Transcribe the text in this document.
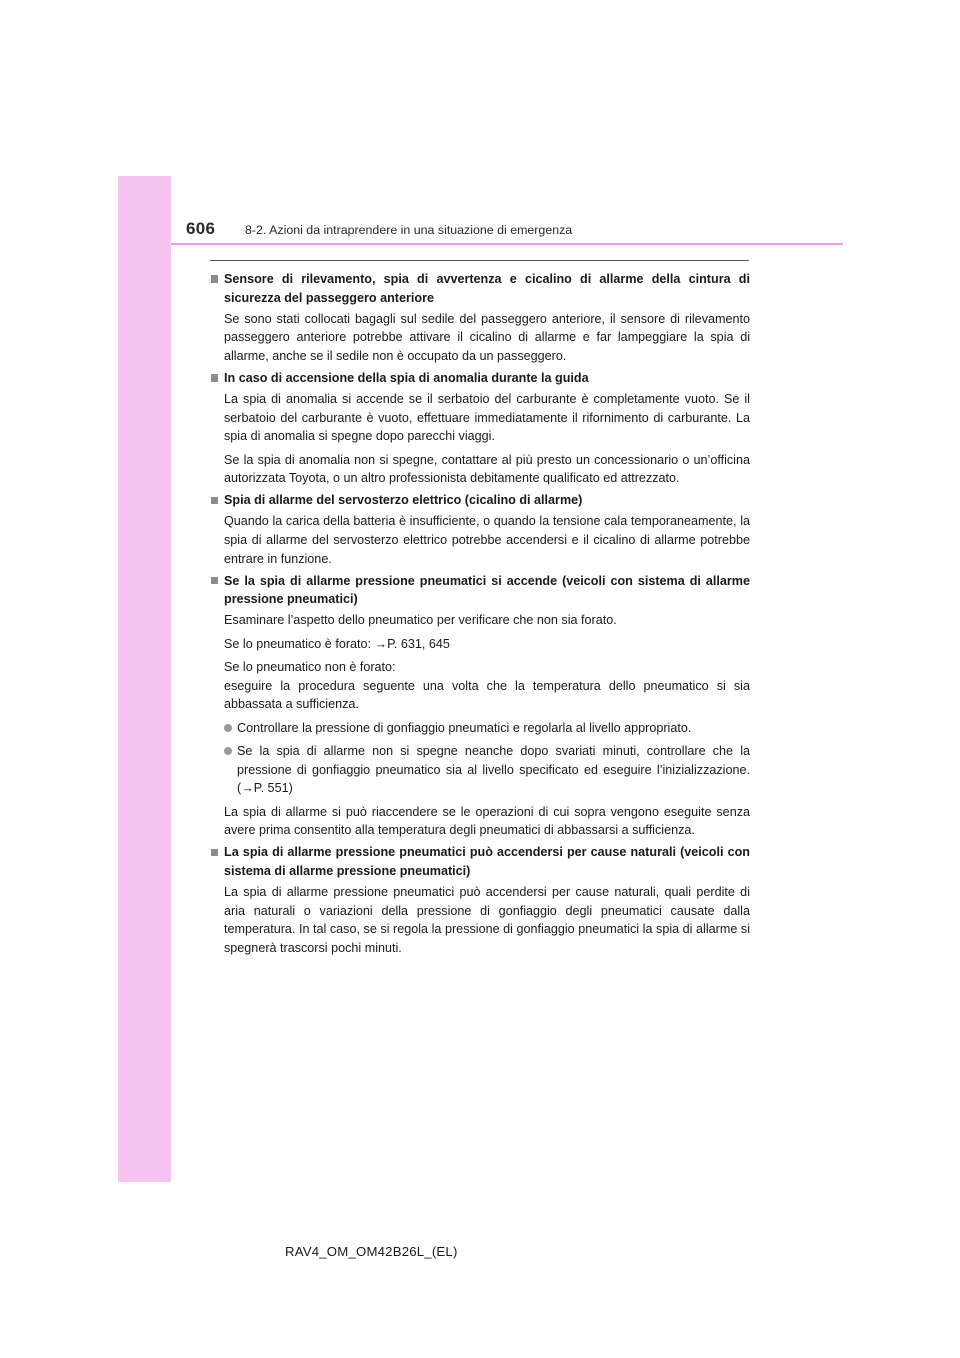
606 8-2. Azioni da intraprendere in una situazione di emergenza
Sensore di rilevamento, spia di avvertenza e cicalino di allarme della cintura di sicurezza del passeggero anteriore
Se sono stati collocati bagagli sul sedile del passeggero anteriore, il sensore di rilevamento passeggero anteriore potrebbe attivare il cicalino di allarme e far lampeggiare la spia di allarme, anche se il sedile non è occupato da un passeggero.
In caso di accensione della spia di anomalia durante la guida
La spia di anomalia si accende se il serbatoio del carburante è completamente vuoto. Se il serbatoio del carburante è vuoto, effettuare immediatamente il rifornimento di carburante. La spia di anomalia si spegne dopo parecchi viaggi.
Se la spia di anomalia non si spegne, contattare al più presto un concessionario o un’officina autorizzata Toyota, o un altro professionista debitamente qualificato ed attrezzato.
Spia di allarme del servosterzo elettrico (cicalino di allarme)
Quando la carica della batteria è insufficiente, o quando la tensione cala temporaneamente, la spia di allarme del servosterzo elettrico potrebbe accendersi e il cicalino di allarme potrebbe entrare in funzione.
Se la spia di allarme pressione pneumatici si accende (veicoli con sistema di allarme pressione pneumatici)
Esaminare l’aspetto dello pneumatico per verificare che non sia forato.
Se lo pneumatico è forato: →P. 631, 645
Se lo pneumatico non è forato:
eseguire la procedura seguente una volta che la temperatura dello pneumatico si sia abbassata a sufficienza.
Controllare la pressione di gonfiaggio pneumatici e regolarla al livello appropriato.
Se la spia di allarme non si spegne neanche dopo svariati minuti, controllare che la pressione di gonfiaggio pneumatico sia al livello specificato ed eseguire l’inizializzazione. (→P. 551)
La spia di allarme si può riaccendere se le operazioni di cui sopra vengono eseguite senza avere prima consentito alla temperatura degli pneumatici di abbassarsi a sufficienza.
La spia di allarme pressione pneumatici può accendersi per cause naturali (veicoli con sistema di allarme pressione pneumatici)
La spia di allarme pressione pneumatici può accendersi per cause naturali, quali perdite di aria naturali o variazioni della pressione di gonfiaggio degli pneumatici causate dalla temperatura. In tal caso, se si regola la pressione di gonfiaggio pneumatici la spia di allarme si spegnerà trascorsi pochi minuti.
RAV4_OM_OM42B26L_(EL)
